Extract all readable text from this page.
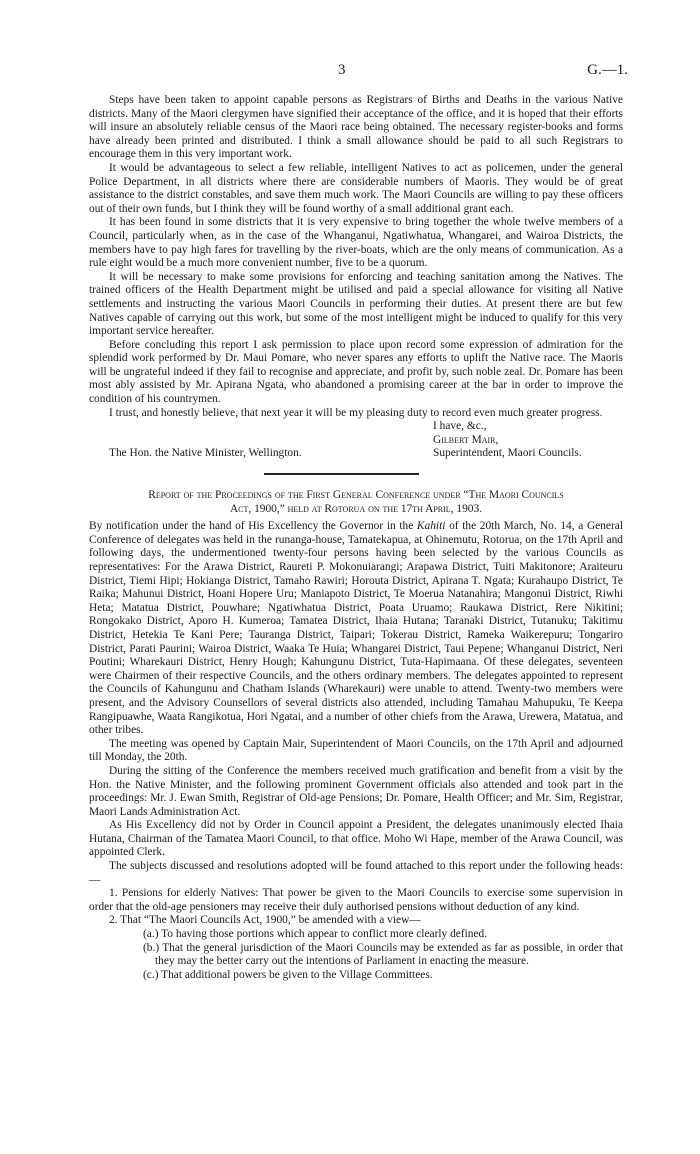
3	G.—1.

Steps have been taken to appoint capable persons as Registrars of Births and Deaths in the various Native districts. Many of the Maori clergymen have signified their acceptance of the office, and it is hoped that their efforts will insure an absolutely reliable census of the Maori race being obtained. The necessary register-books and forms have already been printed and distributed. I think a small allowance should be paid to all such Registrars to encourage them in this very important work.

It would be advantageous to select a few reliable, intelligent Natives to act as policemen, under the general Police Department, in all districts where there are considerable numbers of Maoris. They would be of great assistance to the district constables, and save them much work. The Maori Councils are willing to pay these officers out of their own funds, but I think they will be found worthy of a small additional grant each.

It has been found in some districts that it is very expensive to bring together the whole twelve members of a Council, particularly when, as in the case of the Whanganui, Ngatiwhatua, Whangarei, and Wairoa Districts, the members have to pay high fares for travelling by the river-boats, which are the only means of communication. As a rule eight would be a much more convenient number, five to be a quorum.

It will be necessary to make some provisions for enforcing and teaching sanitation among the Natives. The trained officers of the Health Department might be utilised and paid a special allowance for visiting all Native settlements and instructing the various Maori Councils in performing their duties. At present there are but few Natives capable of carrying out this work, but some of the most intelligent might be induced to qualify for this very important service hereafter.

Before concluding this report I ask permission to place upon record some expression of admiration for the splendid work performed by Dr. Maui Pomare, who never spares any efforts to uplift the Native race. The Maoris will be ungrateful indeed if they fail to recognise and appreciate, and profit by, such noble zeal. Dr. Pomare has been most ably assisted by Mr. Apirana Ngata, who abandoned a promising career at the bar in order to improve the condition of his countrymen.

I trust, and honestly believe, that next year it will be my pleasing duty to record even much greater progress.

I have, &c.,
Gilbert Mair,
The Hon. the Native Minister, Wellington.	Superintendent, Maori Councils.

Report of the Proceedings of the First General Conference under “The Maori Councils
Act, 1900,” held at Rotorua on the 17th April, 1903.

By notification under the hand of His Excellency the Governor in the Kahiti of the 20th March, No. 14, a General Conference of delegates was held in the runanga-house, Tamatekapua, at Ohinemutu, Rotorua, on the 17th April and following days, the undermentioned twenty-four persons having been selected by the various Councils as representatives: For the Arawa District, Raureti P. Mokonuiarangi; Arapawa District, Tuiti Makitonore; Araiteuru District, Tiemi Hipi; Hokianga District, Tamaho Rawiri; Horouta District, Apirana T. Ngata; Kurahaupo District, Te Raika; Mahunui District, Hoani Hopere Uru; Maniapoto District, Te Moerua Natanahira; Mangonui District, Riwhi Heta; Matatua District, Pouwhare; Ngatiwhatua District, Poata Uruamo; Raukawa District, Rere Nikitini; Rongokako District, Aporo H. Kumeroa; Tamatea District, Ihaia Hutana; Taranaki District, Tutanuku; Takitimu District, Hetekia Te Kani Pere; Tauranga District, Taipari; Tokerau District, Rameka Waikerepuru; Tongariro District, Parati Paurini; Wairoa District, Waaka Te Huia; Whangarei District, Taui Pepene; Whanganui District, Neri Poutini; Wharekauri District, Henry Hough; Kahungunu District, Tuta-Hapimaana. Of these delegates, seventeen were Chairmen of their respective Councils, and the others ordinary members. The delegates appointed to represent the Councils of Kahungunu and Chatham Islands (Wharekauri) were unable to attend. Twenty-two members were present, and the Advisory Counsellors of several districts also attended, including Tamahau Mahupuku, Te Keepa Rangipuawhe, Waata Rangikotua, Hori Ngatai, and a number of other chiefs from the Arawa, Urewera, Matatua, and other tribes.

The meeting was opened by Captain Mair, Superintendent of Maori Councils, on the 17th April and adjourned till Monday, the 20th.

During the sitting of the Conference the members received much gratification and benefit from a visit by the Hon. the Native Minister, and the following prominent Government officials also attended and took part in the proceedings: Mr. J. Ewan Smith, Registrar of Old-age Pensions; Dr. Pomare, Health Officer; and Mr. Sim, Registrar, Maori Lands Administration Act.

As His Excellency did not by Order in Council appoint a President, the delegates unanimously elected Ihaia Hutana, Chairman of the Tamatea Maori Council, to that office. Moho Wi Hape, member of the Arawa Council, was appointed Clerk.

The subjects discussed and resolutions adopted will be found attached to this report under the following heads:—

1. Pensions for elderly Natives: That power be given to the Maori Councils to exercise some supervision in order that the old-age pensioners may receive their duly authorised pensions without deduction of any kind.

2. That “The Maori Councils Act, 1900,” be amended with a view—

(a.) To having those portions which appear to conflict more clearly defined.

(b.) That the general jurisdiction of the Maori Councils may be extended as far as possible, in order that they may the better carry out the intentions of Parliament in enacting the measure.

(c.) That additional powers be given to the Village Committees.
